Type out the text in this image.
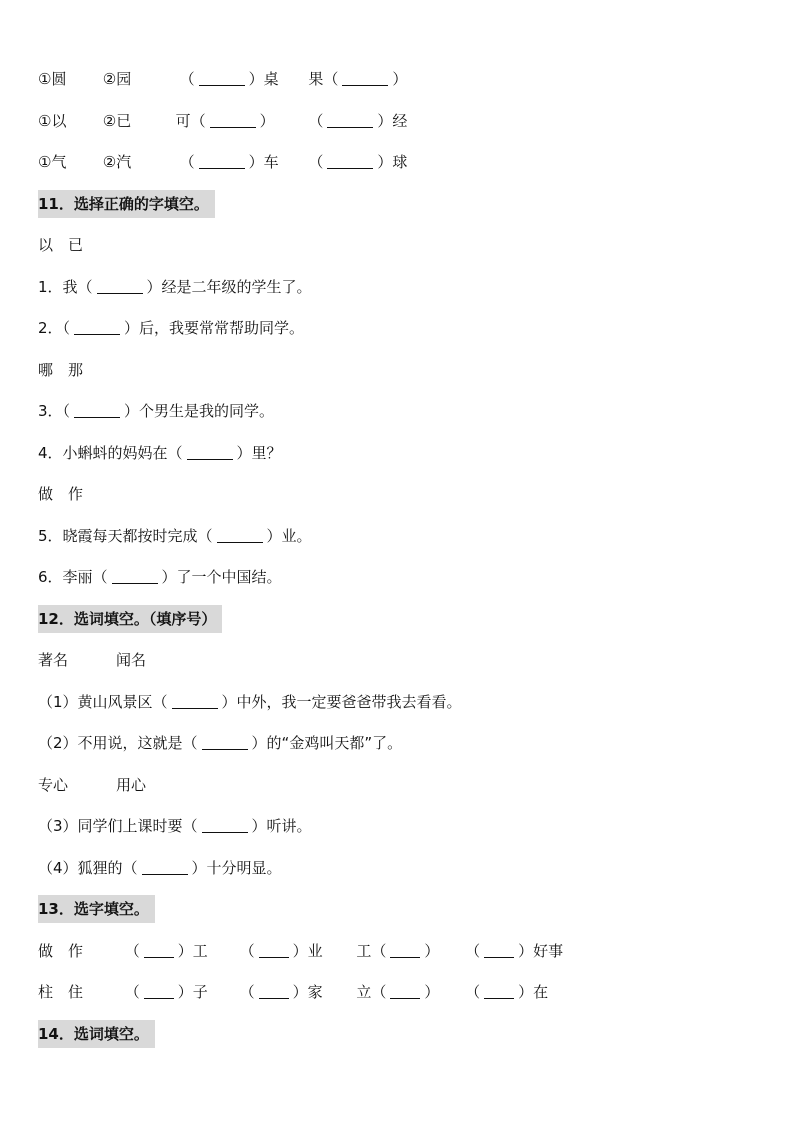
①圆 ②园	（	）桌 果（	）
①以 ②已	可（	） （	）经
①气 ②汽	（	）车 （	）球
11．选择正确的字填空。
以　已
1．我（	）经是二年级的学生了。
2．（	）后，我要常常帮助同学。
哪　那
3．（	）个男生是我的同学。
4．小蝌蚪的妈妈在（	）里？
做　作
5．晓霞每天都按时完成（	）业。
6．李丽（	）了一个中国结。
12．选词填空。（填序号）
著名	闻名
（1）黄山风景区（	）中外，我一定要爸爸带我去看看。
（2）不用说，这就是（	）的“金鸡叫天都”了。
专心	用心
（3）同学们上课时要（	）听讲。
（4）狐狸的（	）十分明显。
13．选字填空。
做　作	（	）工 （	）业 工（	） （	）好事
柱　住	（	）子 （	）家 立（	） （	）在
14．选词填空。
